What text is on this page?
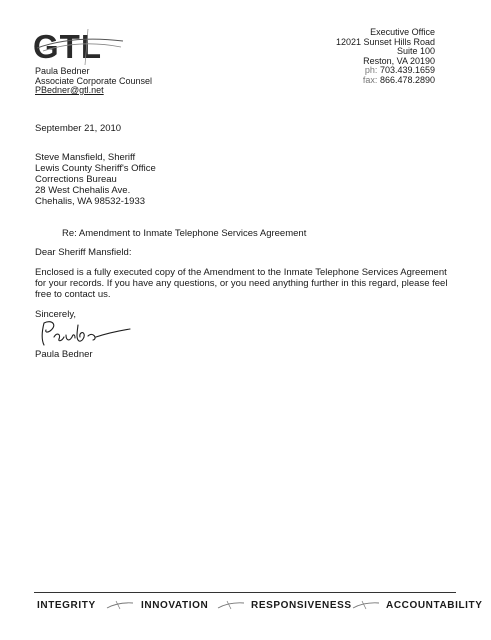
GTL
Paula Bedner
Associate Corporate Counsel
PBedner@gtl.net
Executive Office
12021 Sunset Hills Road
Suite 100
Reston, VA 20190
ph: 703.439.1659
fax: 866.478.2890
September 21, 2010
Steve Mansfield, Sheriff
Lewis County Sheriff's Office
Corrections Bureau
28 West Chehalis Ave.
Chehalis, WA 98532-1933
Re: Amendment to Inmate Telephone Services Agreement
Dear Sheriff Mansfield:
Enclosed is a fully executed copy of the Amendment to the Inmate Telephone Services Agreement for your records. If you have any questions, or you need anything further in this regard, please feel free to contact us.
Sincerely,
Paula Bedner
INTEGRITY	INNOVATION	RESPONSIVENESS	ACCOUNTABILITY
